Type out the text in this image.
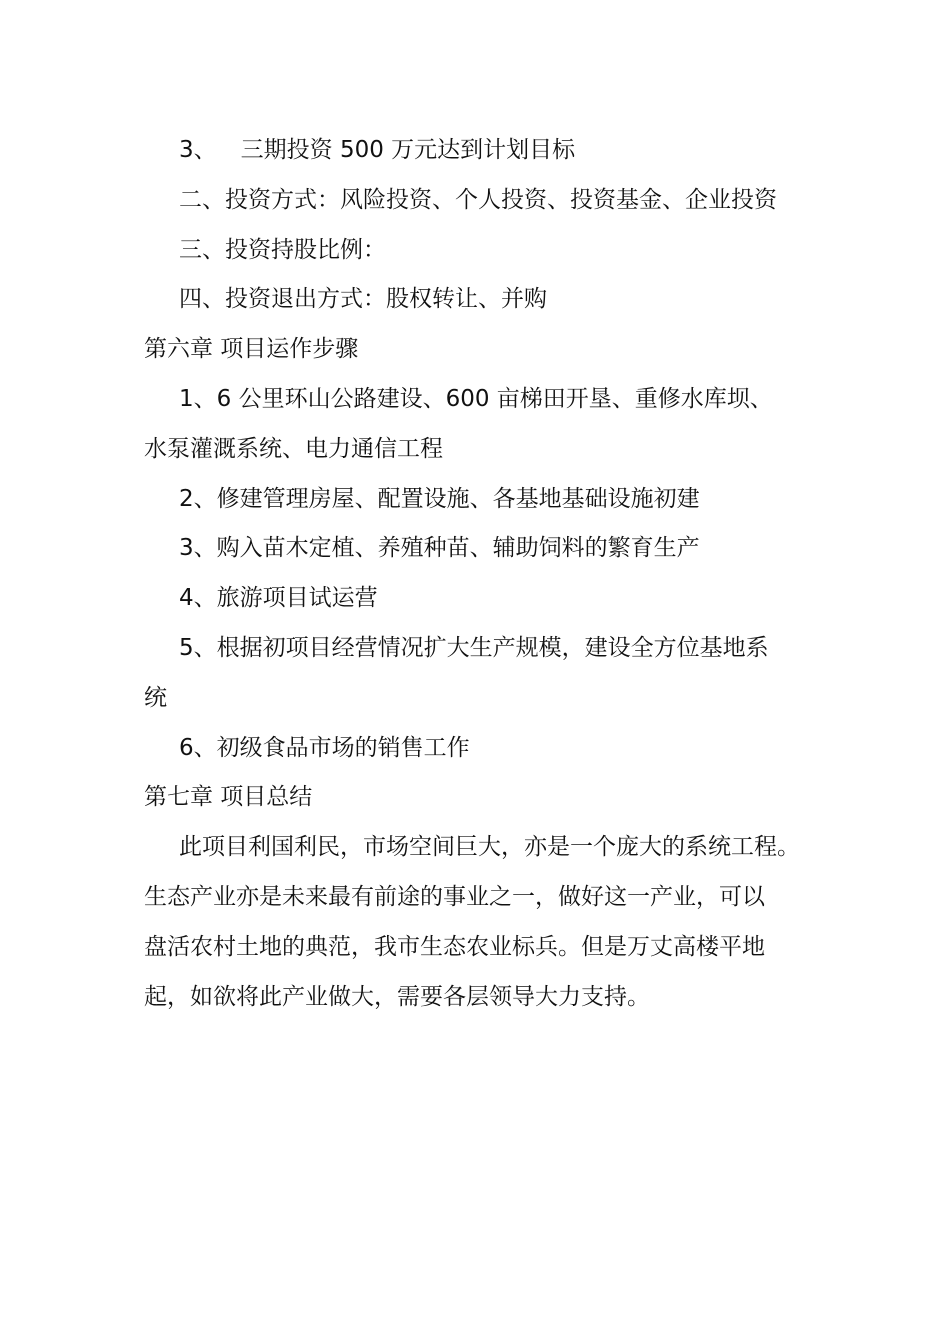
3、 三期投资 500 万元达到计划目标
二、投资方式：风险投资、个人投资、投资基金、企业投资
三、投资持股比例：
四、投资退出方式：股权转让、并购
第六章 项目运作步骤
1、6 公里环山公路建设、600 亩梯田开垦、重修水库坝、
水泵灌溉系统、电力通信工程
2、修建管理房屋、配置设施、各基地基础设施初建
3、购入苗木定植、养殖种苗、辅助饲料的繁育生产
4、旅游项目试运营
5、根据初项目经营情况扩大生产规模，建设全方位基地系
统
6、初级食品市场的销售工作
第七章 项目总结
此项目利国利民，市场空间巨大，亦是一个庞大的系统工程。
生态产业亦是未来最有前途的事业之一，做好这一产业，可以
盘活农村土地的典范，我市生态农业标兵。但是万丈高楼平地
起，如欲将此产业做大，需要各层领导大力支持。
